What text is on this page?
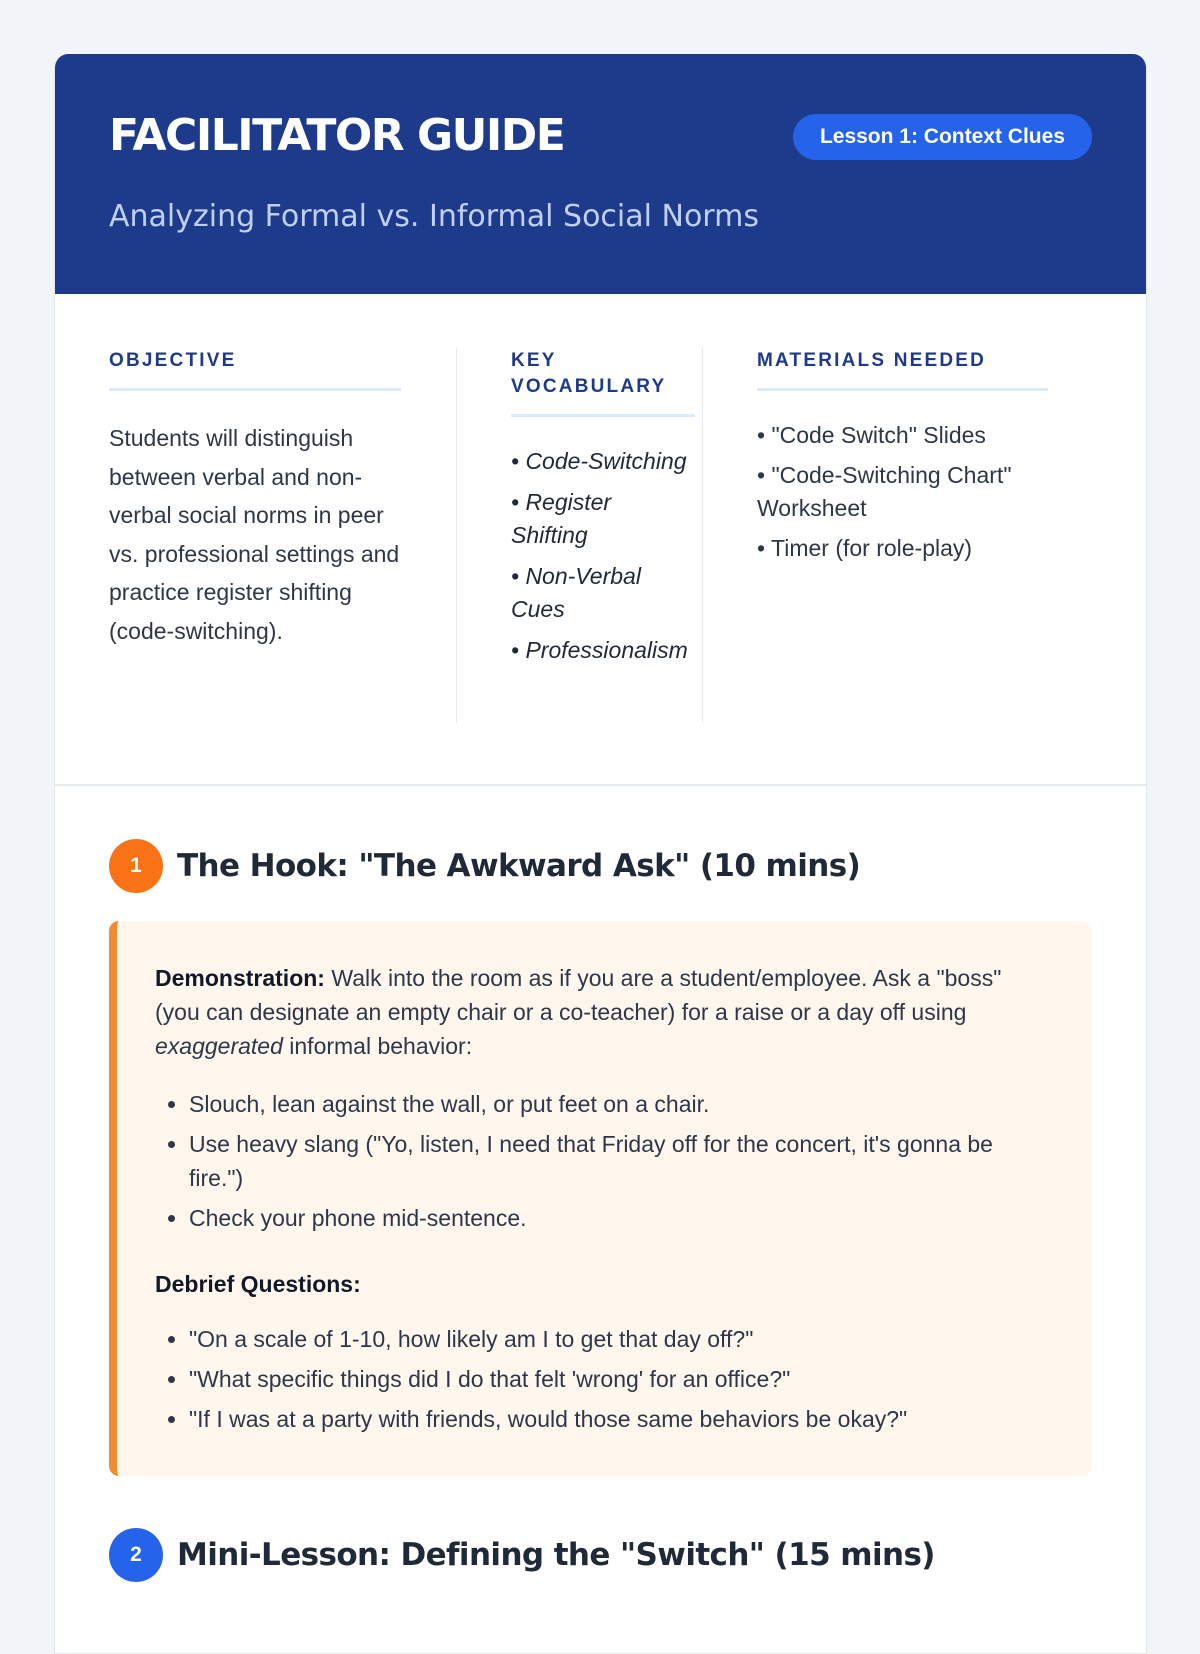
FACILITATOR GUIDE	Lesson 1: Context Clues
Analyzing Formal vs. Informal Social Norms
OBJECTIVE

Students will distinguish between verbal and non-verbal social norms in peer vs. professional settings and practice register shifting (code-switching).

KEY VOCABULARY
• Code-Switching
• Register Shifting
• Non-Verbal Cues
• Professionalism
MATERIALS NEEDED
• "Code Switch" Slides
• "Code-Switching Chart" Worksheet
• Timer (for role-play)
1	The Hook: "The Awkward Ask" (10 mins)

Demonstration: Walk into the room as if you are a student/employee. Ask a "boss" (you can designate an empty chair or a co-teacher) for a raise or a day off using exaggerated informal behavior:

• Slouch, lean against the wall, or put feet on a chair.
• Use heavy slang ("Yo, listen, I need that Friday off for the concert, it's gonna be fire.")
• Check your phone mid-sentence.
Debrief Questions:
• "On a scale of 1-10, how likely am I to get that day off?"
• "What specific things did I do that felt 'wrong' for an office?"
• "If I was at a party with friends, would those same behaviors be okay?"
2	Mini-Lesson: Defining the "Switch" (15 mins)
